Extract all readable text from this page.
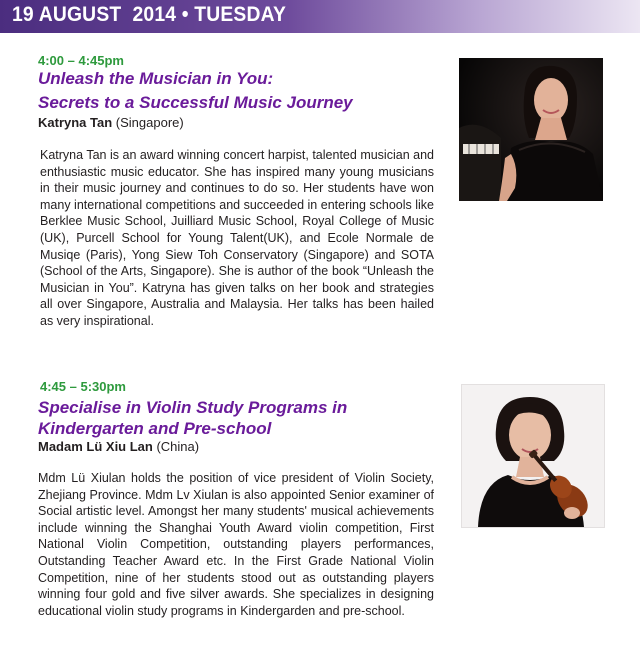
19 AUGUST  2014 • TUESDAY
4:00 – 4:45pm
Unleash the Musician in You:
Secrets to a Successful Music Journey
Katryna Tan (Singapore)

Katryna Tan is an award winning concert harpist, talented musician and enthusiastic music educator. She has inspired many young musicians in their music journey and continues to do so. Her students have won many international competitions and succeeded in entering schools like Berklee Music School, Juilliard Music School, Royal College of Music (UK), Purcell School for Young Talent(UK), and Ecole Normale de Musiqe (Paris), Yong Siew Toh Conservatory (Singapore) and SOTA (School of the Arts, Singapore). She is author of the book “Unleash the Musician in You”. Katryna has given talks on her book and strategies all over Singapore, Australia and Malaysia. Her talks has been hailed as very inspirational.

4:45 – 5:30pm
Specialise in Violin Study Programs in
Kindergarten and Pre-school
Madam Lü Xiu Lan (China)

Mdm Lü Xiulan holds the position of vice president of Violin Society, Zhejiang Province. Mdm Lv Xiulan is also appointed Senior examiner of Social artistic level. Amongst her many students' musical achievements include winning the Shanghai Youth Award violin competition, First National Violin Competition, outstanding players performances, Outstanding Teacher Award etc. In the First Grade National Violin Competition, nine of her students stood out as outstanding players winning four gold and five silver awards. She specializes in designing educational violin study programs in Kindergarden and pre-school.
